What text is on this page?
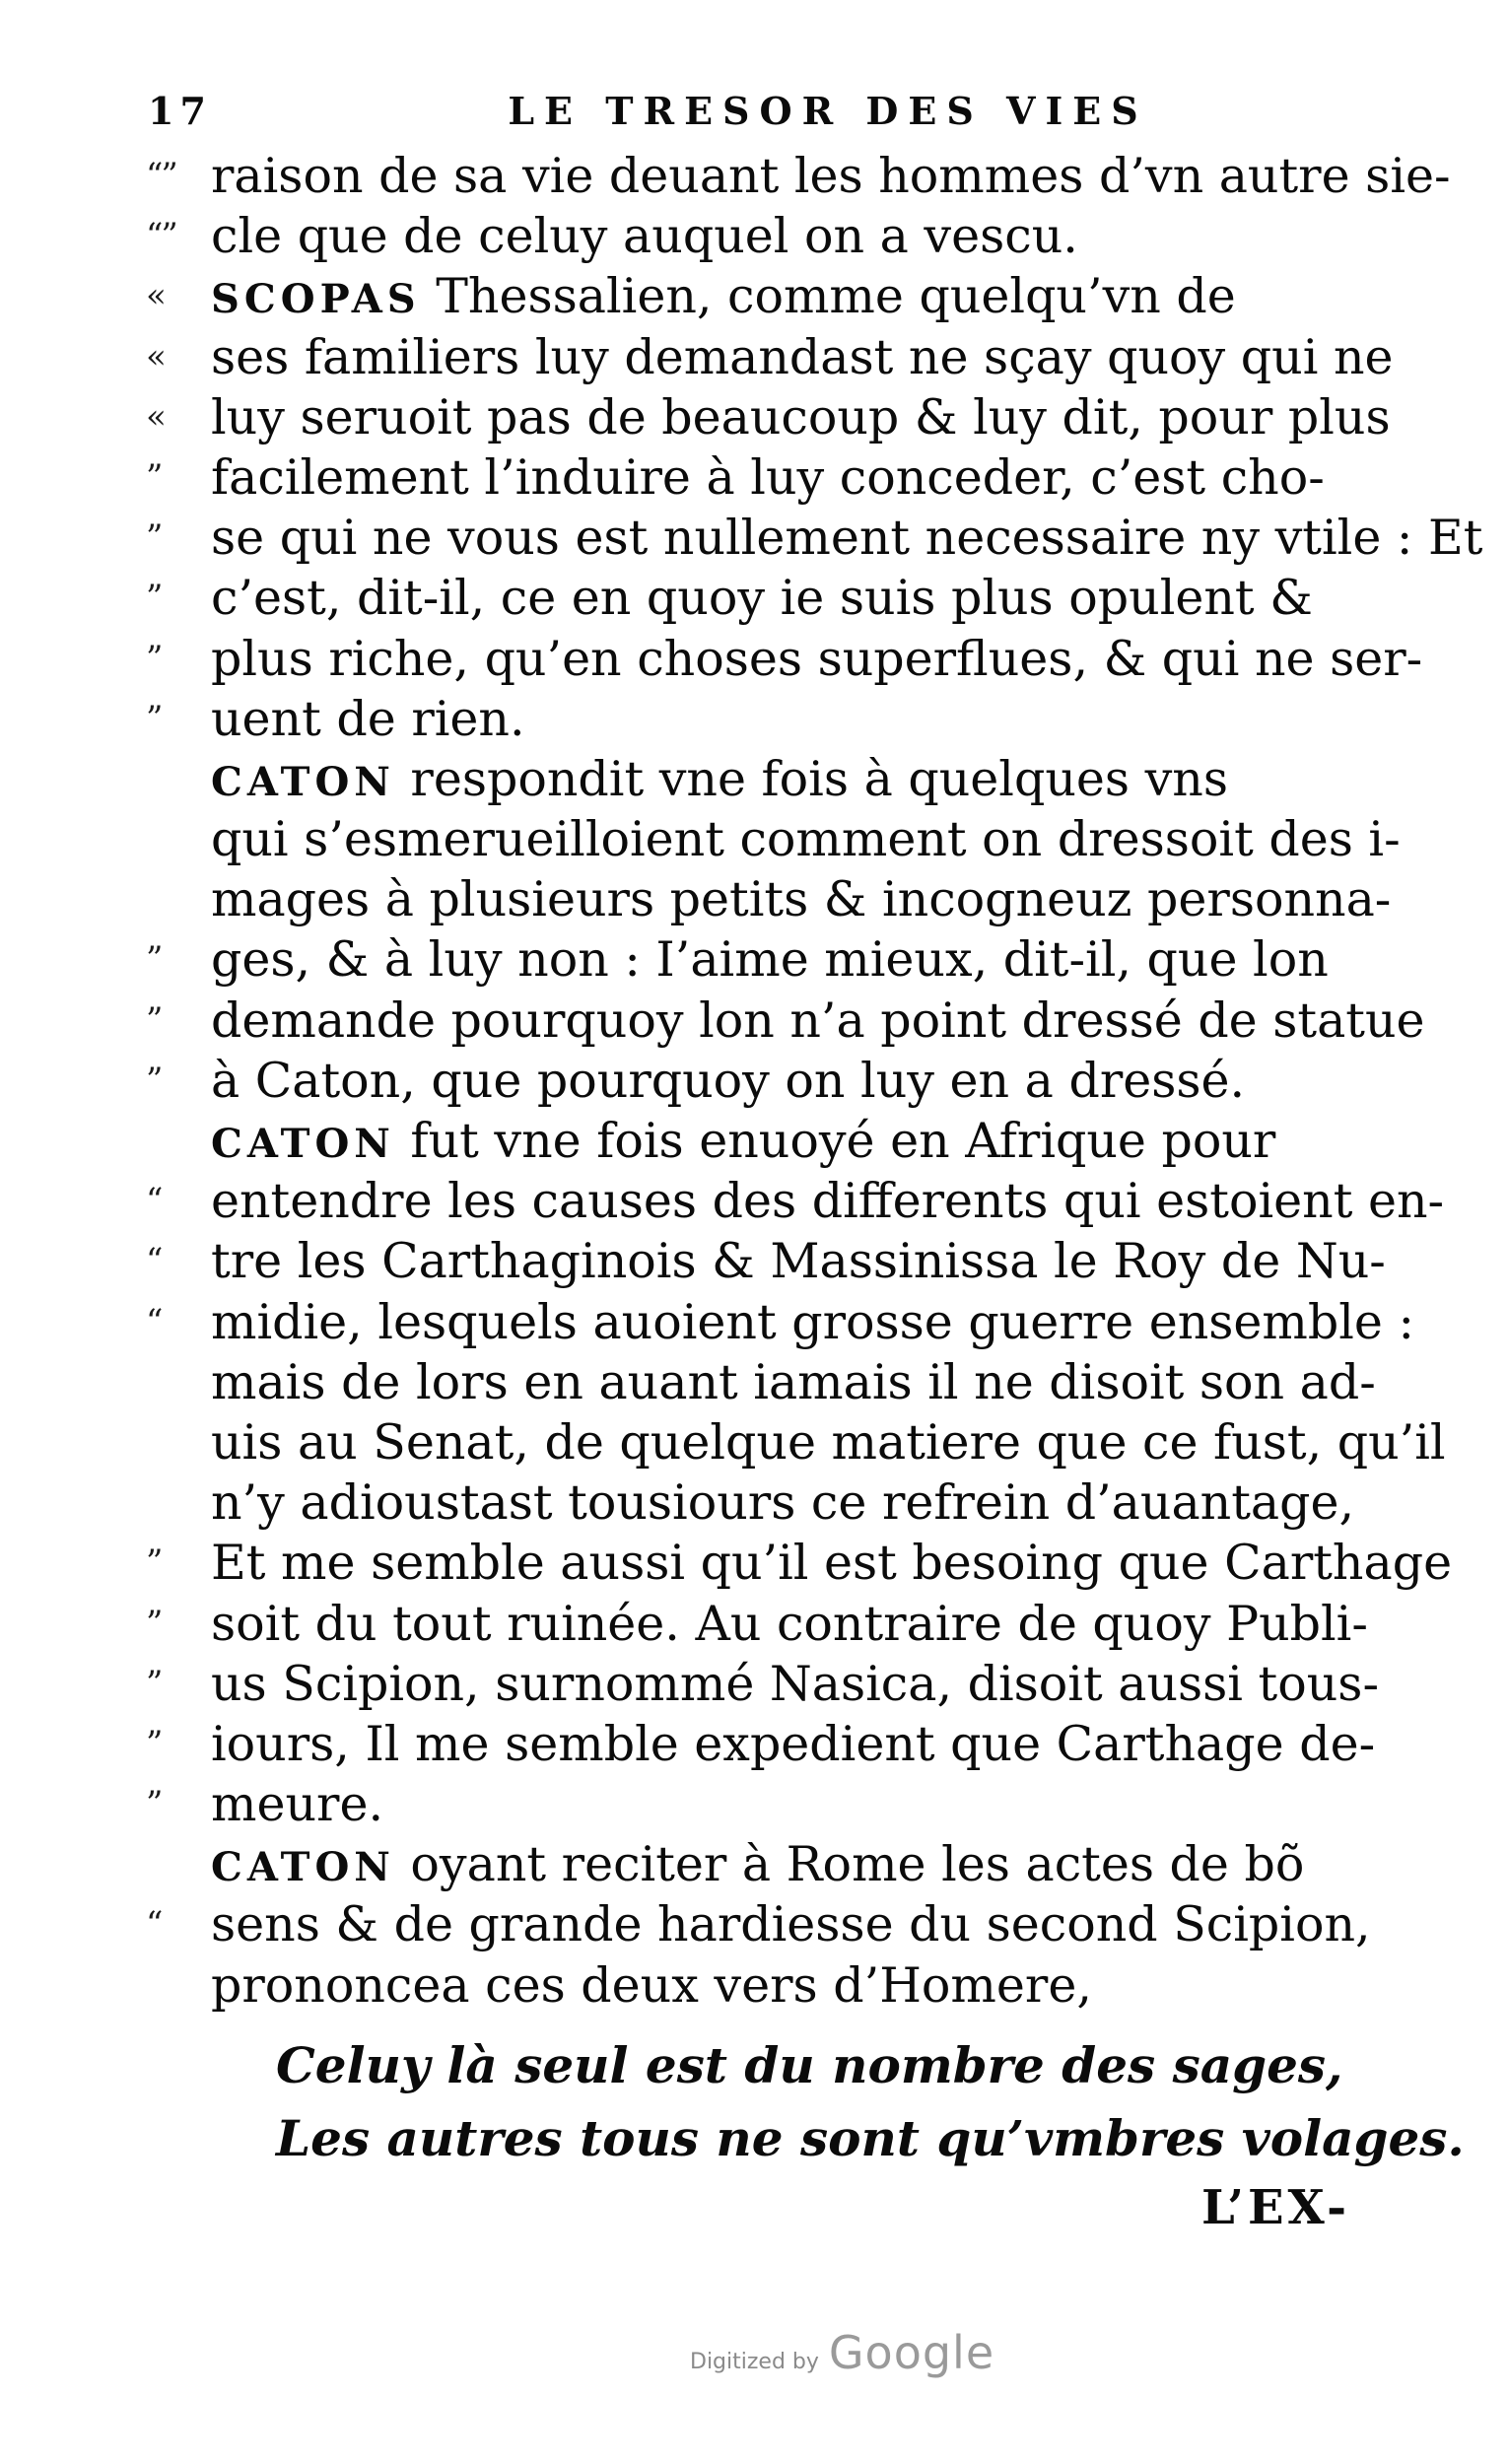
17	LE TRESOR DES VIES
“” raison de sa vie deuant les hommes d’vn autre sie-
“” cle que de celuy auquel on a vescu.
«	SCOPAS Thessalien, comme quelqu’vn de
« ses familiers luy demandast ne sçay quoy qui ne
« luy seruoit pas de beaucoup & luy dit, pour plus
”	facilement l’induire à luy conceder, c’est cho-
”	se qui ne vous est nullement necessaire ny vtile : Et
”	c’est, dit-il, ce en quoy ie suis plus opulent &
”	plus riche, qu’en choses superflues, & qui ne ser-
”	uent de rien.
CATON respondit vne fois à quelques vns
qui s’esmerueilloient comment on dressoit des i-
mages à plusieurs petits & incogneuz personna-
”	ges, & à luy non : I’aime mieux, dit-il, que lon
”	demande pourquoy lon n’a point dressé de statue
”	à Caton, que pourquoy on luy en a dressé.
CATON fut vne fois enuoyé en Afrique pour
“	entendre les causes des differents qui estoient en-
“	tre les Carthaginois & Massinissa le Roy de Nu-
“	midie, lesquels auoient grosse guerre ensemble :
mais de lors en auant iamais il ne disoit son ad-
uis au Senat, de quelque matiere que ce fust, qu’il
n’y adioustast tousiours ce refrein d’auantage,
”	Et me semble aussi qu’il est besoing que Carthage
”	soit du tout ruinée. Au contraire de quoy Publi-
”	us Scipion, surnommé Nasica, disoit aussi tous-
”	iours, Il me semble expedient que Carthage de-
”	meure.
CATON oyant reciter à Rome les actes de bõ
“	sens & de grande hardiesse du second Scipion,
prononcea ces deux vers d’Homere,
Celuy là seul est du nombre des sages,
Les autres tous ne sont qu’vmbres volages.
L’EX-
Digitized by Google
